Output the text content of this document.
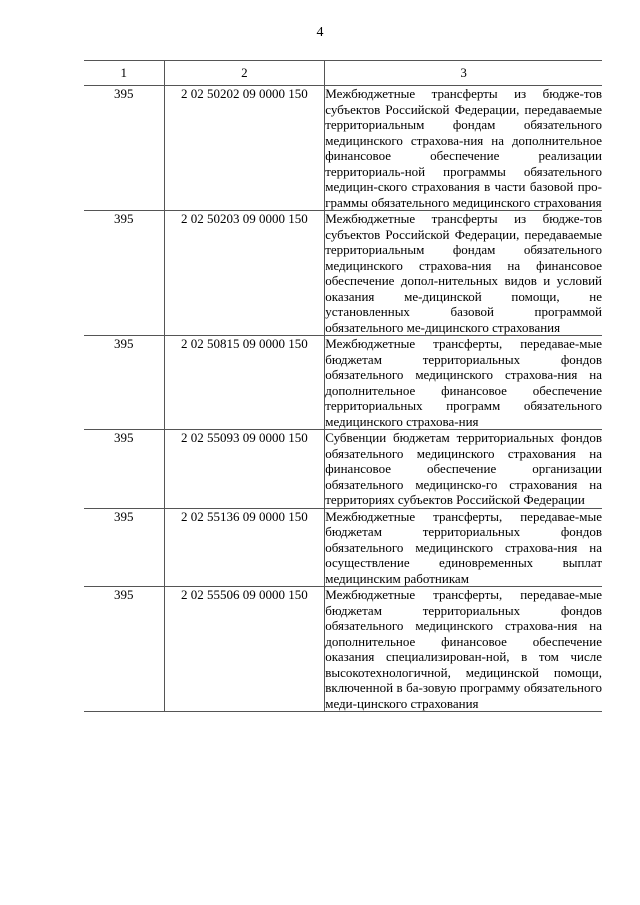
4
1	2	3
395	2 02 50202 09 0000 150	Межбюджетные трансферты из бюдже-тов субъектов Российской Федерации, передаваемые территориальным фондам обязательного медицинского страхова-ния на дополнительное финансовое обеспечение реализации территориаль-ной программы обязательного медицин-ского страхования в части базовой про-граммы обязательного медицинского страхования
395	2 02 50203 09 0000 150	Межбюджетные трансферты из бюдже-тов субъектов Российской Федерации, передаваемые территориальным фондам обязательного медицинского страхова-ния на финансовое обеспечение допол-нительных видов и условий оказания ме-дицинской помощи, не установленных базовой программой обязательного ме-дицинского страхования
395	2 02 50815 09 0000 150	Межбюджетные трансферты, передавае-мые бюджетам территориальных фондов обязательного медицинского страхова-ния на дополнительное финансовое обеспечение территориальных программ обязательного медицинского страхова-ния
395	2 02 55093 09 0000 150	Субвенции бюджетам территориальных фондов обязательного медицинского страхования на финансовое обеспечение организации обязательного медицинско-го страхования на территориях субъектов Российской Федерации
395	2 02 55136 09 0000 150	Межбюджетные трансферты, передавае-мые бюджетам территориальных фондов обязательного медицинского страхова-ния на осуществление единовременных выплат медицинским работникам
395	2 02 55506 09 0000 150	Межбюджетные трансферты, передавае-мые бюджетам территориальных фондов обязательного медицинского страхова-ния на дополнительное финансовое обеспечение оказания специализирован-ной, в том числе высокотехнологичной, медицинской помощи, включенной в ба-зовую программу обязательного меди-цинского страхования
